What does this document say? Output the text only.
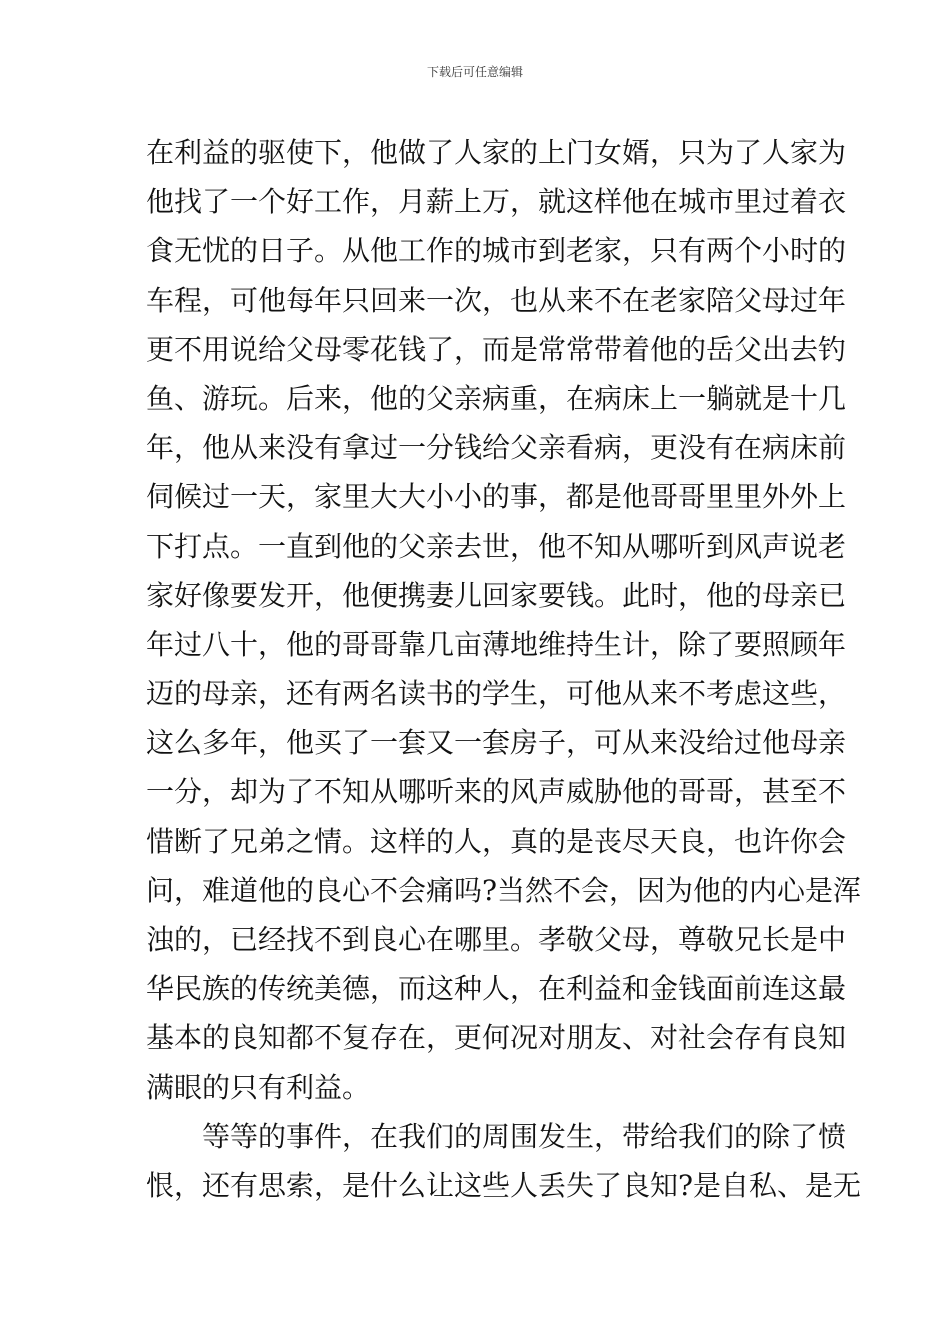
下载后可任意编辑
在利益的驱使下，他做了人家的上门女婿，只为了人家为
他找了一个好工作，月薪上万，就这样他在城市里过着衣
食无忧的日子。从他工作的城市到老家，只有两个小时的
车程，可他每年只回来一次，也从来不在老家陪父母过年
更不用说给父母零花钱了，而是常常带着他的岳父出去钓
鱼、游玩。后来，他的父亲病重，在病床上一躺就是十几
年，他从来没有拿过一分钱给父亲看病，更没有在病床前
伺候过一天，家里大大小小的事，都是他哥哥里里外外上
下打点。一直到他的父亲去世，他不知从哪听到风声说老
家好像要发开，他便携妻儿回家要钱。此时，他的母亲已
年过八十，他的哥哥靠几亩薄地维持生计，除了要照顾年
迈的母亲，还有两名读书的学生，可他从来不考虑这些，
这么多年，他买了一套又一套房子，可从来没给过他母亲
一分，却为了不知从哪听来的风声威胁他的哥哥，甚至不
惜断了兄弟之情。这样的人，真的是丧尽天良，也许你会
问，难道他的良心不会痛吗?当然不会，因为他的内心是浑
浊的，已经找不到良心在哪里。孝敬父母，尊敬兄长是中
华民族的传统美德，而这种人，在利益和金钱面前连这最
基本的良知都不复存在，更何况对朋友、对社会存有良知
满眼的只有利益。
等等的事件，在我们的周围发生，带给我们的除了愤
恨，还有思索，是什么让这些人丢失了良知?是自私、是无
